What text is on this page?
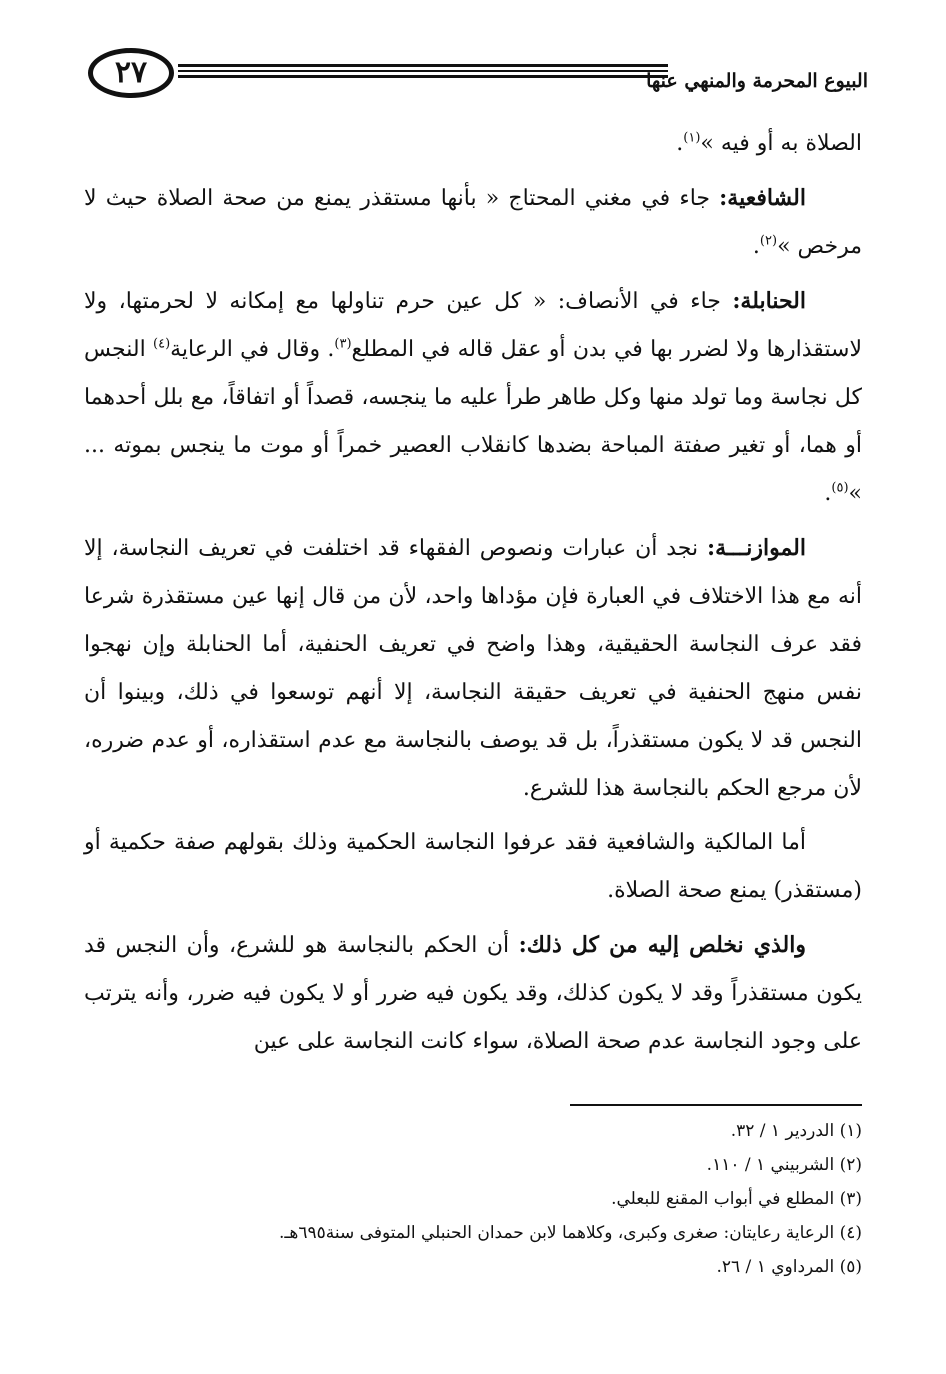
٢٧	البيوع المحرمة والمنهي عنها

الصلاة به أو فيه »$^{(١)}$.

الشافعية: جاء في مغني المحتاج « بأنها مستقذر يمنع من صحة الصلاة حيث لا مرخص »$^{(٢)}$.

الحنابلة: جاء في الأنصاف: « كل عين حرم تناولها مع إمكانه لا لحرمتها، ولا لاستقذارها ولا لضرر بها في بدن أو عقل قاله في المطلع$^{(٣)}$. وقال في الرعاية$^{(٤)}$ النجس كل نجاسة وما تولد منها وكل طاهر طرأ عليه ما ينجسه، قصداً أو اتفاقاً، مع بلل أحدهما أو هما، أو تغير صفتة المباحة بضدها كانقلاب العصير خمراً أو موت ما ينجس بموته ... »$^{(٥)}$.

الموازنـــة: نجد أن عبارات ونصوص الفقهاء قد اختلفت في تعريف النجاسة، إلا أنه مع هذا الاختلاف في العبارة فإن مؤداها واحد، لأن من قال إنها عين مستقذرة شرعا فقد عرف النجاسة الحقيقية، وهذا واضح في تعريف الحنفية، أما الحنابلة وإن نهجوا نفس منهج الحنفية في تعريف حقيقة النجاسة، إلا أنهم توسعوا في ذلك، وبينوا أن النجس قد لا يكون مستقذراً، بل قد يوصف بالنجاسة مع عدم استقذاره، أو عدم ضرره، لأن مرجع الحكم بالنجاسة هذا للشرع.

أما المالكية والشافعية فقد عرفوا النجاسة الحكمية وذلك بقولهم صفة حكمية أو (مستقذر) يمنع صحة الصلاة.

والذي نخلص إليه من كل ذلك: أن الحكم بالنجاسة هو للشرع، وأن النجس قد يكون مستقذراً وقد لا يكون كذلك، وقد يكون فيه ضرر أو لا يكون فيه ضرر، وأنه يترتب على وجود النجاسة عدم صحة الصلاة، سواء كانت النجاسة على عين

(١) الدردير ١ / ٣٢.
(٢) الشربيني ١ / ١١٠.
(٣) المطلع في أبواب المقنع للبعلي.
(٤) الرعاية رعايتان: صغرى وكبرى، وكلاهما لابن حمدان الحنبلي المتوفى سنة٦٩٥هـ.
(٥) المرداوي ١ / ٢٦.
